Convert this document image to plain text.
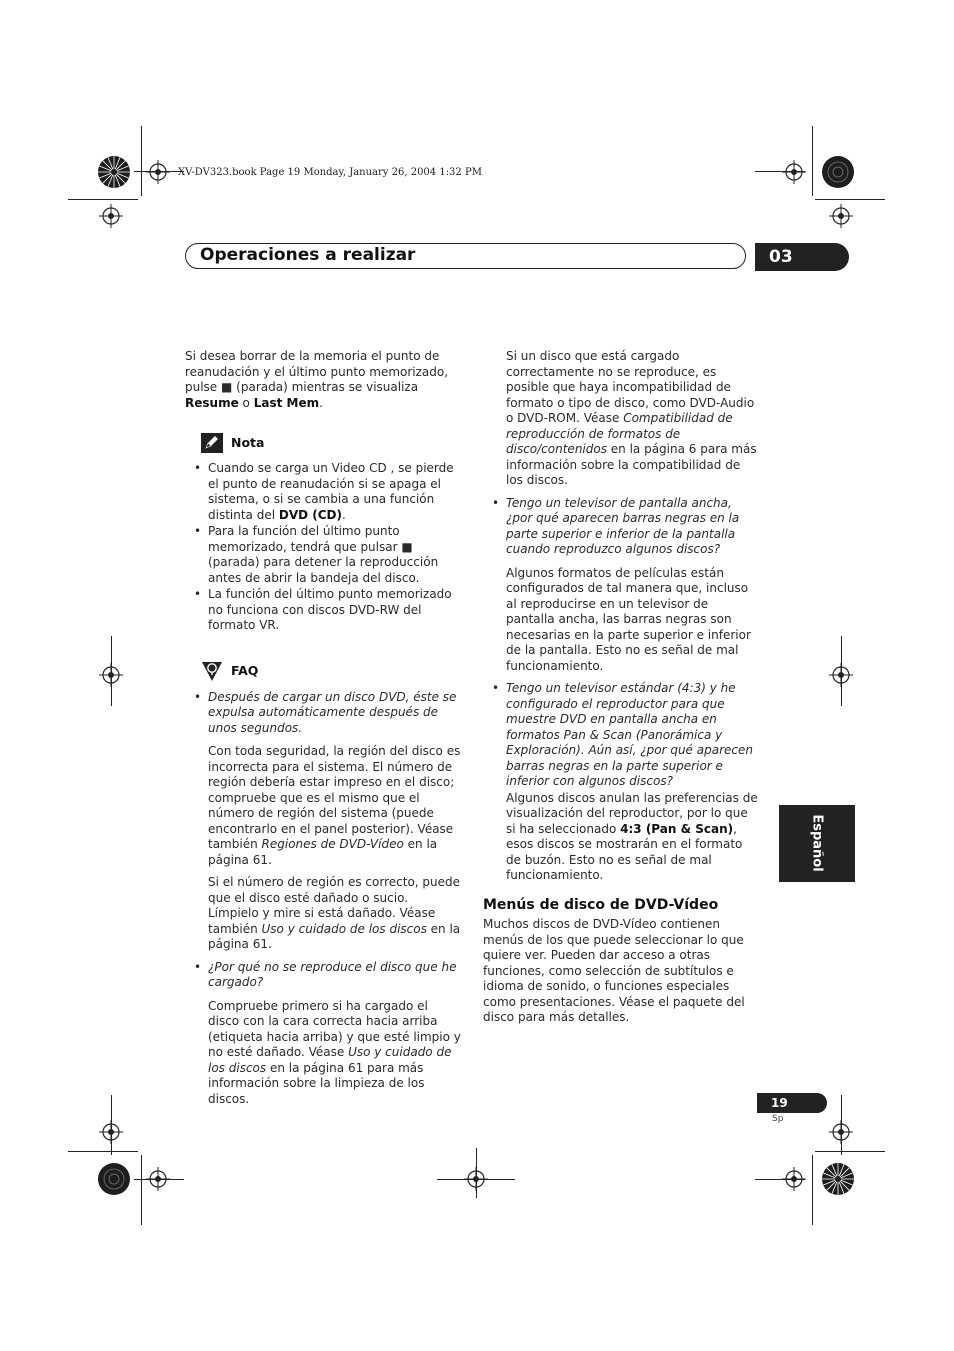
XV-DV323.book Page 19 Monday, January 26, 2004 1:32 PM
Operaciones a realizar	03

Si desea borrar de la memoria el punto de reanudación y el último punto memorizado, pulse ■ (parada) mientras se visualiza Resume o Last Mem.

Nota
• Cuando se carga un Video CD , se pierde el punto de reanudación si se apaga el sistema, o si se cambia a una función distinta del DVD (CD).
• Para la función del último punto memorizado, tendrá que pulsar ■ (parada) para detener la reproducción antes de abrir la bandeja del disco.
• La función del último punto memorizado no funciona con discos DVD-RW del formato VR.
FAQ
• Después de cargar un disco DVD, éste se expulsa automáticamente después de unos segundos.

Con toda seguridad, la región del disco es incorrecta para el sistema. El número de región debería estar impreso en el disco; compruebe que es el mismo que el número de región del sistema (puede encontrarlo en el panel posterior). Véase también Regiones de DVD-Vídeo en la página 61.

Si el número de región es correcto, puede que el disco esté dañado o sucio. Límpielo y mire si está dañado. Véase también Uso y cuidado de los discos en la página 61.

• ¿Por qué no se reproduce el disco que he cargado?

Compruebe primero si ha cargado el disco con la cara correcta hacia arriba (etiqueta hacia arriba) y que esté limpio y no esté dañado. Véase Uso y cuidado de los discos en la página 61 para más información sobre la limpieza de los discos.

Si un disco que está cargado correctamente no se reproduce, es posible que haya incompatibilidad de formato o tipo de disco, como DVD-Audio o DVD-ROM. Véase Compatibilidad de reproducción de formatos de disco/contenidos en la página 6 para más información sobre la compatibilidad de los discos.

• Tengo un televisor de pantalla ancha, ¿por qué aparecen barras negras en la parte superior e inferior de la pantalla cuando reproduzco algunos discos?

Algunos formatos de películas están configurados de tal manera que, incluso al reproducirse en un televisor de pantalla ancha, las barras negras son necesarias en la parte superior e inferior de la pantalla. Esto no es señal de mal funcionamiento.

• Tengo un televisor estándar (4:3) y he configurado el reproductor para que muestre DVD en pantalla ancha en formatos Pan & Scan (Panorámica y Exploración). Aún así, ¿por qué aparecen barras negras en la parte superior e inferior con algunos discos?

Algunos discos anulan las preferencias de visualización del reproductor, por lo que si ha seleccionado 4:3 (Pan & Scan), esos discos se mostrarán en el formato de buzón. Esto no es señal de mal funcionamiento.

Menús de disco de DVD-Vídeo

Muchos discos de DVD-Vídeo contienen menús de los que puede seleccionar lo que quiere ver. Pueden dar acceso a otras funciones, como selección de subtítulos e idioma de sonido, o funciones especiales como presentaciones. Véase el paquete del disco para más detalles.

Español
19
Sp
